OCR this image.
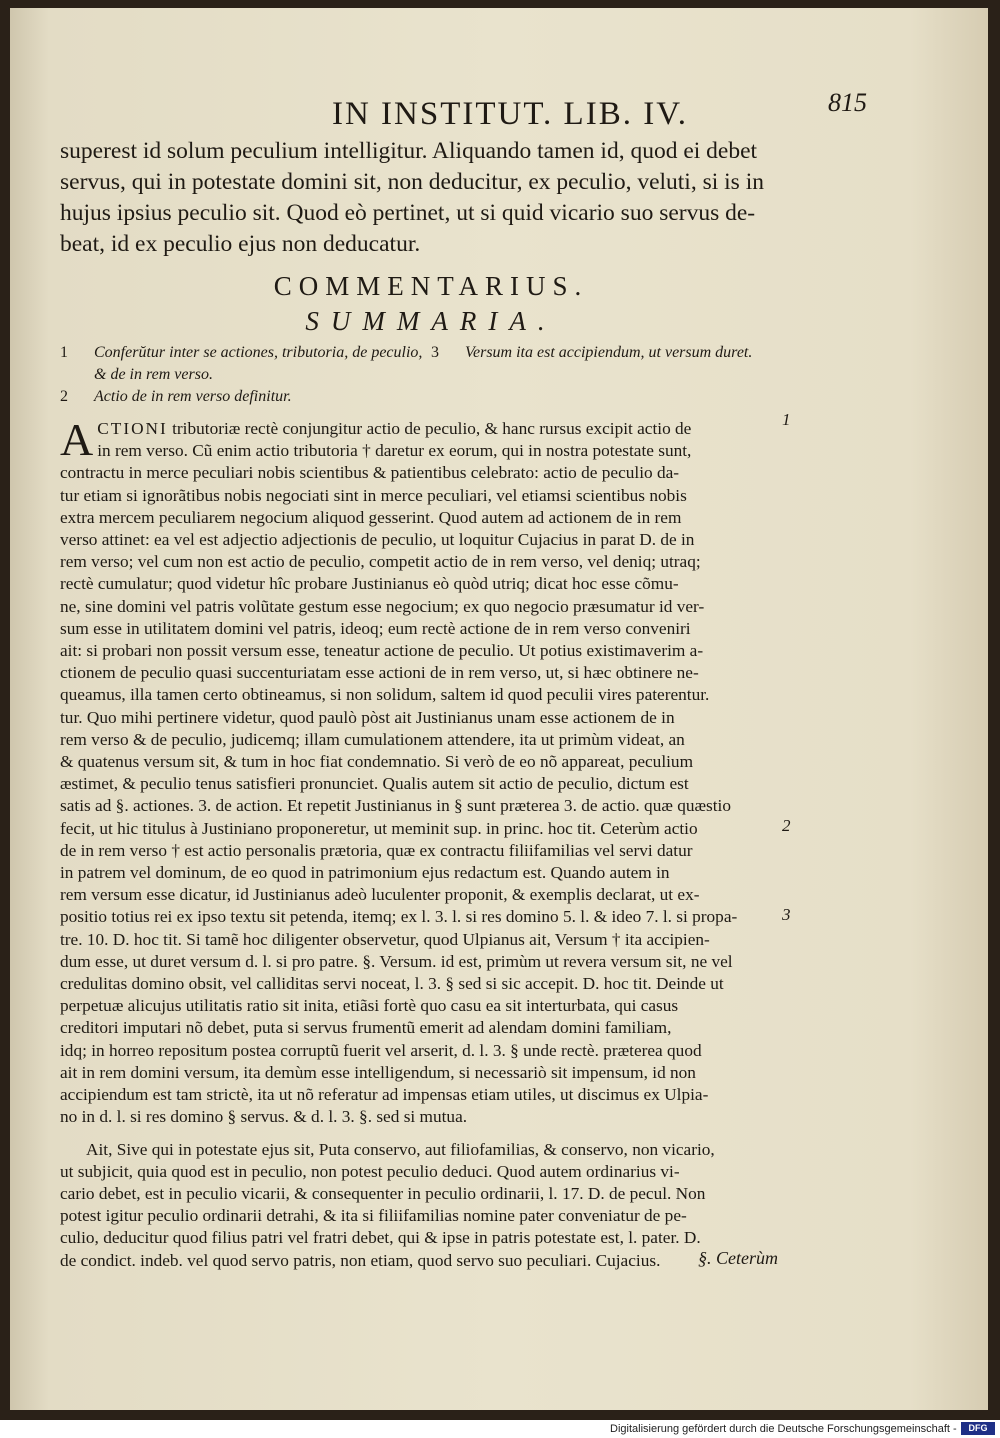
IN INSTITUT. LIB. IV.	815
superest id solum peculium intelligitur. Aliquando tamen id, quod ei debet
servus, qui in potestate domini sit, non deducitur, ex peculio, veluti, si is in
hujus ipsius peculio sit. Quod eò pertinet, ut si quid vicario suo servus de-
beat, id ex peculio ejus non deducatur.
COMMENTARIUS.
SUMMARIA.
1	Conferŭtur inter se actiones, tributoria, de peculio, & de in rem verso.
2	Actio de in rem verso definitur.
3	Versum ita est accipiendum, ut versum duret.
A CTIONI tributoriæ rectè conjungitur actio de peculio, & hanc rursus excipit actio de
in rem verso. Cũ enim actio tributoria † daretur ex eorum, qui in nostra potestate sunt,
contractu in merce peculiari nobis scientibus & patientibus celebrato: actio de peculio da-
tur etiam si ignorãtibus nobis negociati sint in merce peculiari, vel etiamsi scientibus nobis
extra mercem peculiarem negocium aliquod gesserint. Quod autem ad actionem de in rem
verso attinet: ea vel est adjectio adjectionis de peculio, ut loquitur Cujacius in parat D. de in
rem verso; vel cum non est actio de peculio, competit actio de in rem verso, vel deniq; utraq;
rectè cumulatur; quod videtur hîc probare Justinianus eò quòd utriq; dicat hoc esse cõmu-
ne, sine domini vel patris volũtate gestum esse negocium; ex quo negocio præsumatur id ver-
sum esse in utilitatem domini vel patris, ideoq; eum rectè actione de in rem verso conveniri
ait: si probari non possit versum esse, teneatur actione de peculio. Ut potius existimaverim a-
ctionem de peculio quasi succenturiatam esse actioni de in rem verso, ut, si hæc obtinere ne-
queamus, illa tamen certo obtineamus, si non solidum, saltem id quod peculii vires paterentur.
tur. Quo mihi pertinere videtur, quod paulò pòst ait Justinianus unam esse actionem de in
rem verso & de peculio, judicemq; illam cumulationem attendere, ita ut primùm videat, an
& quatenus versum sit, & tum in hoc fiat condemnatio. Si verò de eo nõ appareat, peculium
æstimet, & peculio tenus satisfieri pronunciet. Qualis autem sit actio de peculio, dictum est
satis ad §. actiones. 3. de action. Et repetit Justinianus in § sunt præterea 3. de actio. quæ quæstio
fecit, ut hic titulus à Justiniano proponeretur, ut meminit sup. in princ. hoc tit. Ceterùm actio
de in rem verso † est actio personalis prætoria, quæ ex contractu filiifamilias vel servi datur
in patrem vel dominum, de eo quod in patrimonium ejus redactum est. Quando autem in
rem versum esse dicatur, id Justinianus adeò luculenter proponit, & exemplis declarat, ut ex-
positio totius rei ex ipso textu sit petenda, itemq; ex l. 3. l. si res domino 5. l. & ideo 7. l. si propa-
tre. 10. D. hoc tit. Si tamẽ hoc diligenter observetur, quod Ulpianus ait, Versum † ita accipien-
dum esse, ut duret versum d. l. si pro patre. §. Versum. id est, primùm ut revera versum sit, ne vel
credulitas domino obsit, vel calliditas servi noceat, l. 3. § sed si sic accepit. D. hoc tit. Deinde ut
perpetuæ alicujus utilitatis ratio sit inita, etiãsi fortè quo casu ea sit interturbata, qui casus
creditori imputari nõ debet, puta si servus frumentũ emerit ad alendam domini familiam,
idq; in horreo repositum postea corruptũ fuerit vel arserit, d. l. 3. § unde rectè. præterea quod
ait in rem domini versum, ita demùm esse intelligendum, si necessariò sit impensum, id non
accipiendum est tam strictè, ita ut nõ referatur ad impensas etiam utiles, ut discimus ex Ulpia-
no in d. l. si res domino § servus. & d. l. 3. §. sed si mutua.
Ait, Sive qui in potestate ejus sit, Puta conservo, aut filiofamilias, & conservo, non vicario,
ut subjicit, quia quod est in peculio, non potest peculio deduci. Quod autem ordinarius vi-
cario debet, est in peculio vicarii, & consequenter in peculio ordinarii, l. 17. D. de pecul. Non
potest igitur peculio ordinarii detrahi, & ita si filiifamilias nomine pater conveniatur de pe-
culio, deducitur quod filius patri vel fratri debet, qui & ipse in patris potestate est, l. pater. D.
de condict. indeb. vel quod servo patris, non etiam, quod servo suo peculiari. Cujacius.
1
2
3
§. Ceterùm
Digitalisierung gefördert durch die Deutsche Forschungsgemeinschaft -	DFG
